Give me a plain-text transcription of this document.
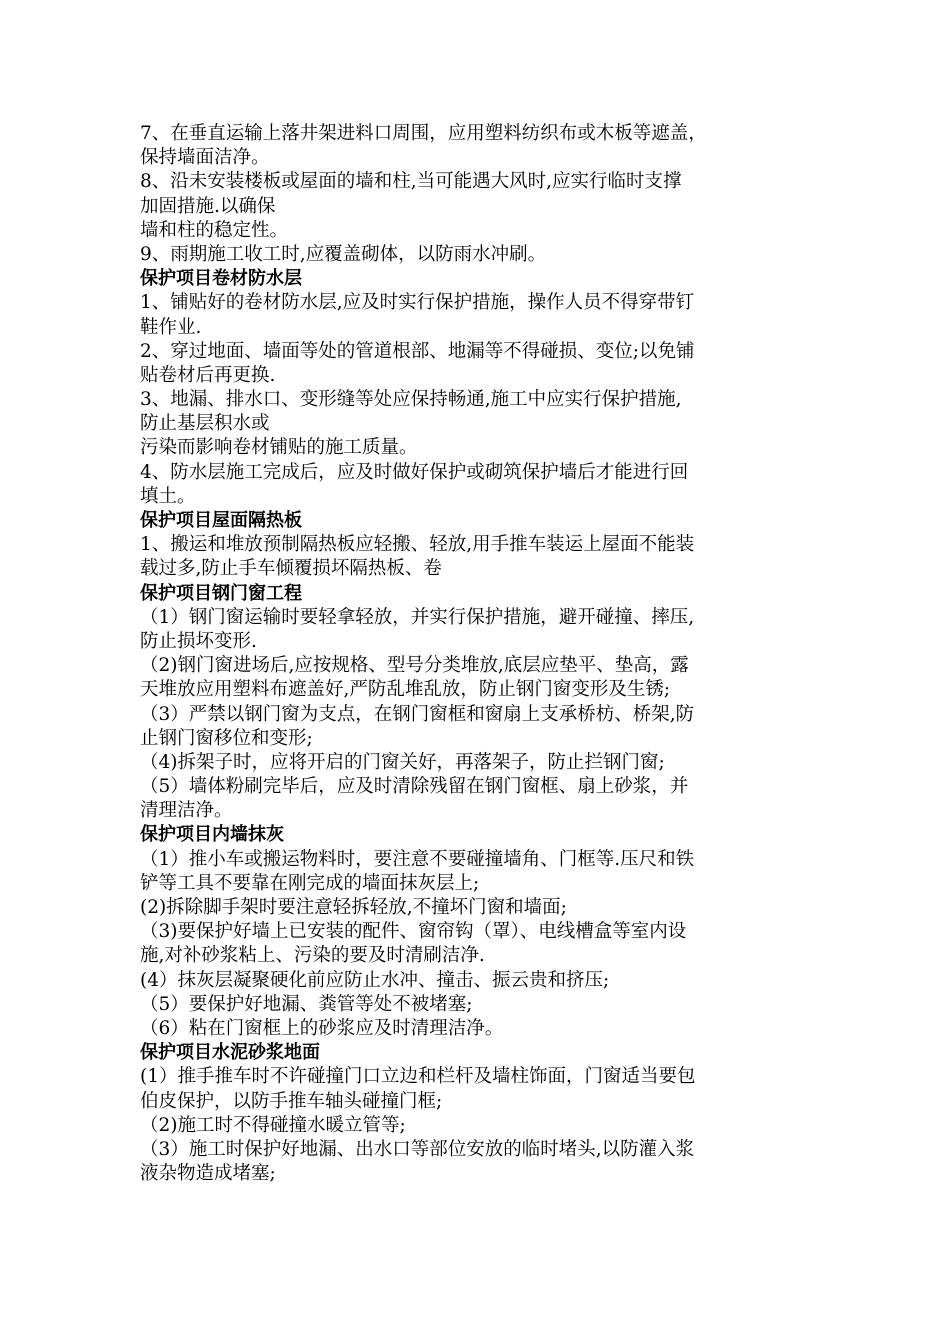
7、在垂直运输上落井架进料口周围，应用塑料纺织布或木板等遮盖，
保持墙面洁净。
8、沿未安装楼板或屋面的墙和柱,当可能遇大风时,应实行临时支撑
加固措施.以确保
墙和柱的稳定性。
9、雨期施工收工时,应覆盖砌体，以防雨水冲刷。
保护项目卷材防水层
1、铺贴好的卷材防水层,应及时实行保护措施，操作人员不得穿带钉
鞋作业.
2、穿过地面、墙面等处的管道根部、地漏等不得碰损、变位;以免铺
贴卷材后再更换.
3、地漏、排水口、变形缝等处应保持畅通,施工中应实行保护措施,
防止基层积水或
污染而影响卷材铺贴的施工质量。
4、防水层施工完成后，应及时做好保护或砌筑保护墙后才能进行回
填土。
保护项目屋面隔热板
1、搬运和堆放预制隔热板应轻搬、轻放,用手推车装运上屋面不能装
载过多,防止手车倾覆损坏隔热板、卷
保护项目钢门窗工程
（1）钢门窗运输时要轻拿轻放，并实行保护措施，避开碰撞、摔压,
防止损坏变形.
（2)钢门窗进场后,应按规格、型号分类堆放,底层应垫平、垫高，露
天堆放应用塑料布遮盖好,严防乱堆乱放，防止钢门窗变形及生锈;
（3）严禁以钢门窗为支点，在钢门窗框和窗扇上支承桥枋、桥架,防
止钢门窗移位和变形;
（4)拆架子时，应将开启的门窗关好，再落架子，防止拦钢门窗;
（5）墙体粉刷完毕后，应及时清除残留在钢门窗框、扇上砂浆，并
清理洁净。
保护项目内墙抹灰
（1）推小车或搬运物料时，要注意不要碰撞墙角、门框等.压尺和铁
铲等工具不要靠在刚完成的墙面抹灰层上;
(2)拆除脚手架时要注意轻拆轻放,不撞坏门窗和墙面;
（3)要保护好墙上已安装的配件、窗帘钩（罩）、电线槽盒等室内设
施,对补砂浆粘上、污染的要及时清刷洁净.
(4）抹灰层凝聚硬化前应防止水冲、撞击、振云贵和挤压;
（5）要保护好地漏、粪管等处不被堵塞;
（6）粘在门窗框上的砂浆应及时清理洁净。
保护项目水泥砂浆地面
(1）推手推车时不许碰撞门口立边和栏杆及墙柱饰面，门窗适当要包
伯皮保护，以防手推车轴头碰撞门框;
（2)施工时不得碰撞水暖立管等;
（3）施工时保护好地漏、出水口等部位安放的临时堵头,以防灌入浆
液杂物造成堵塞;
